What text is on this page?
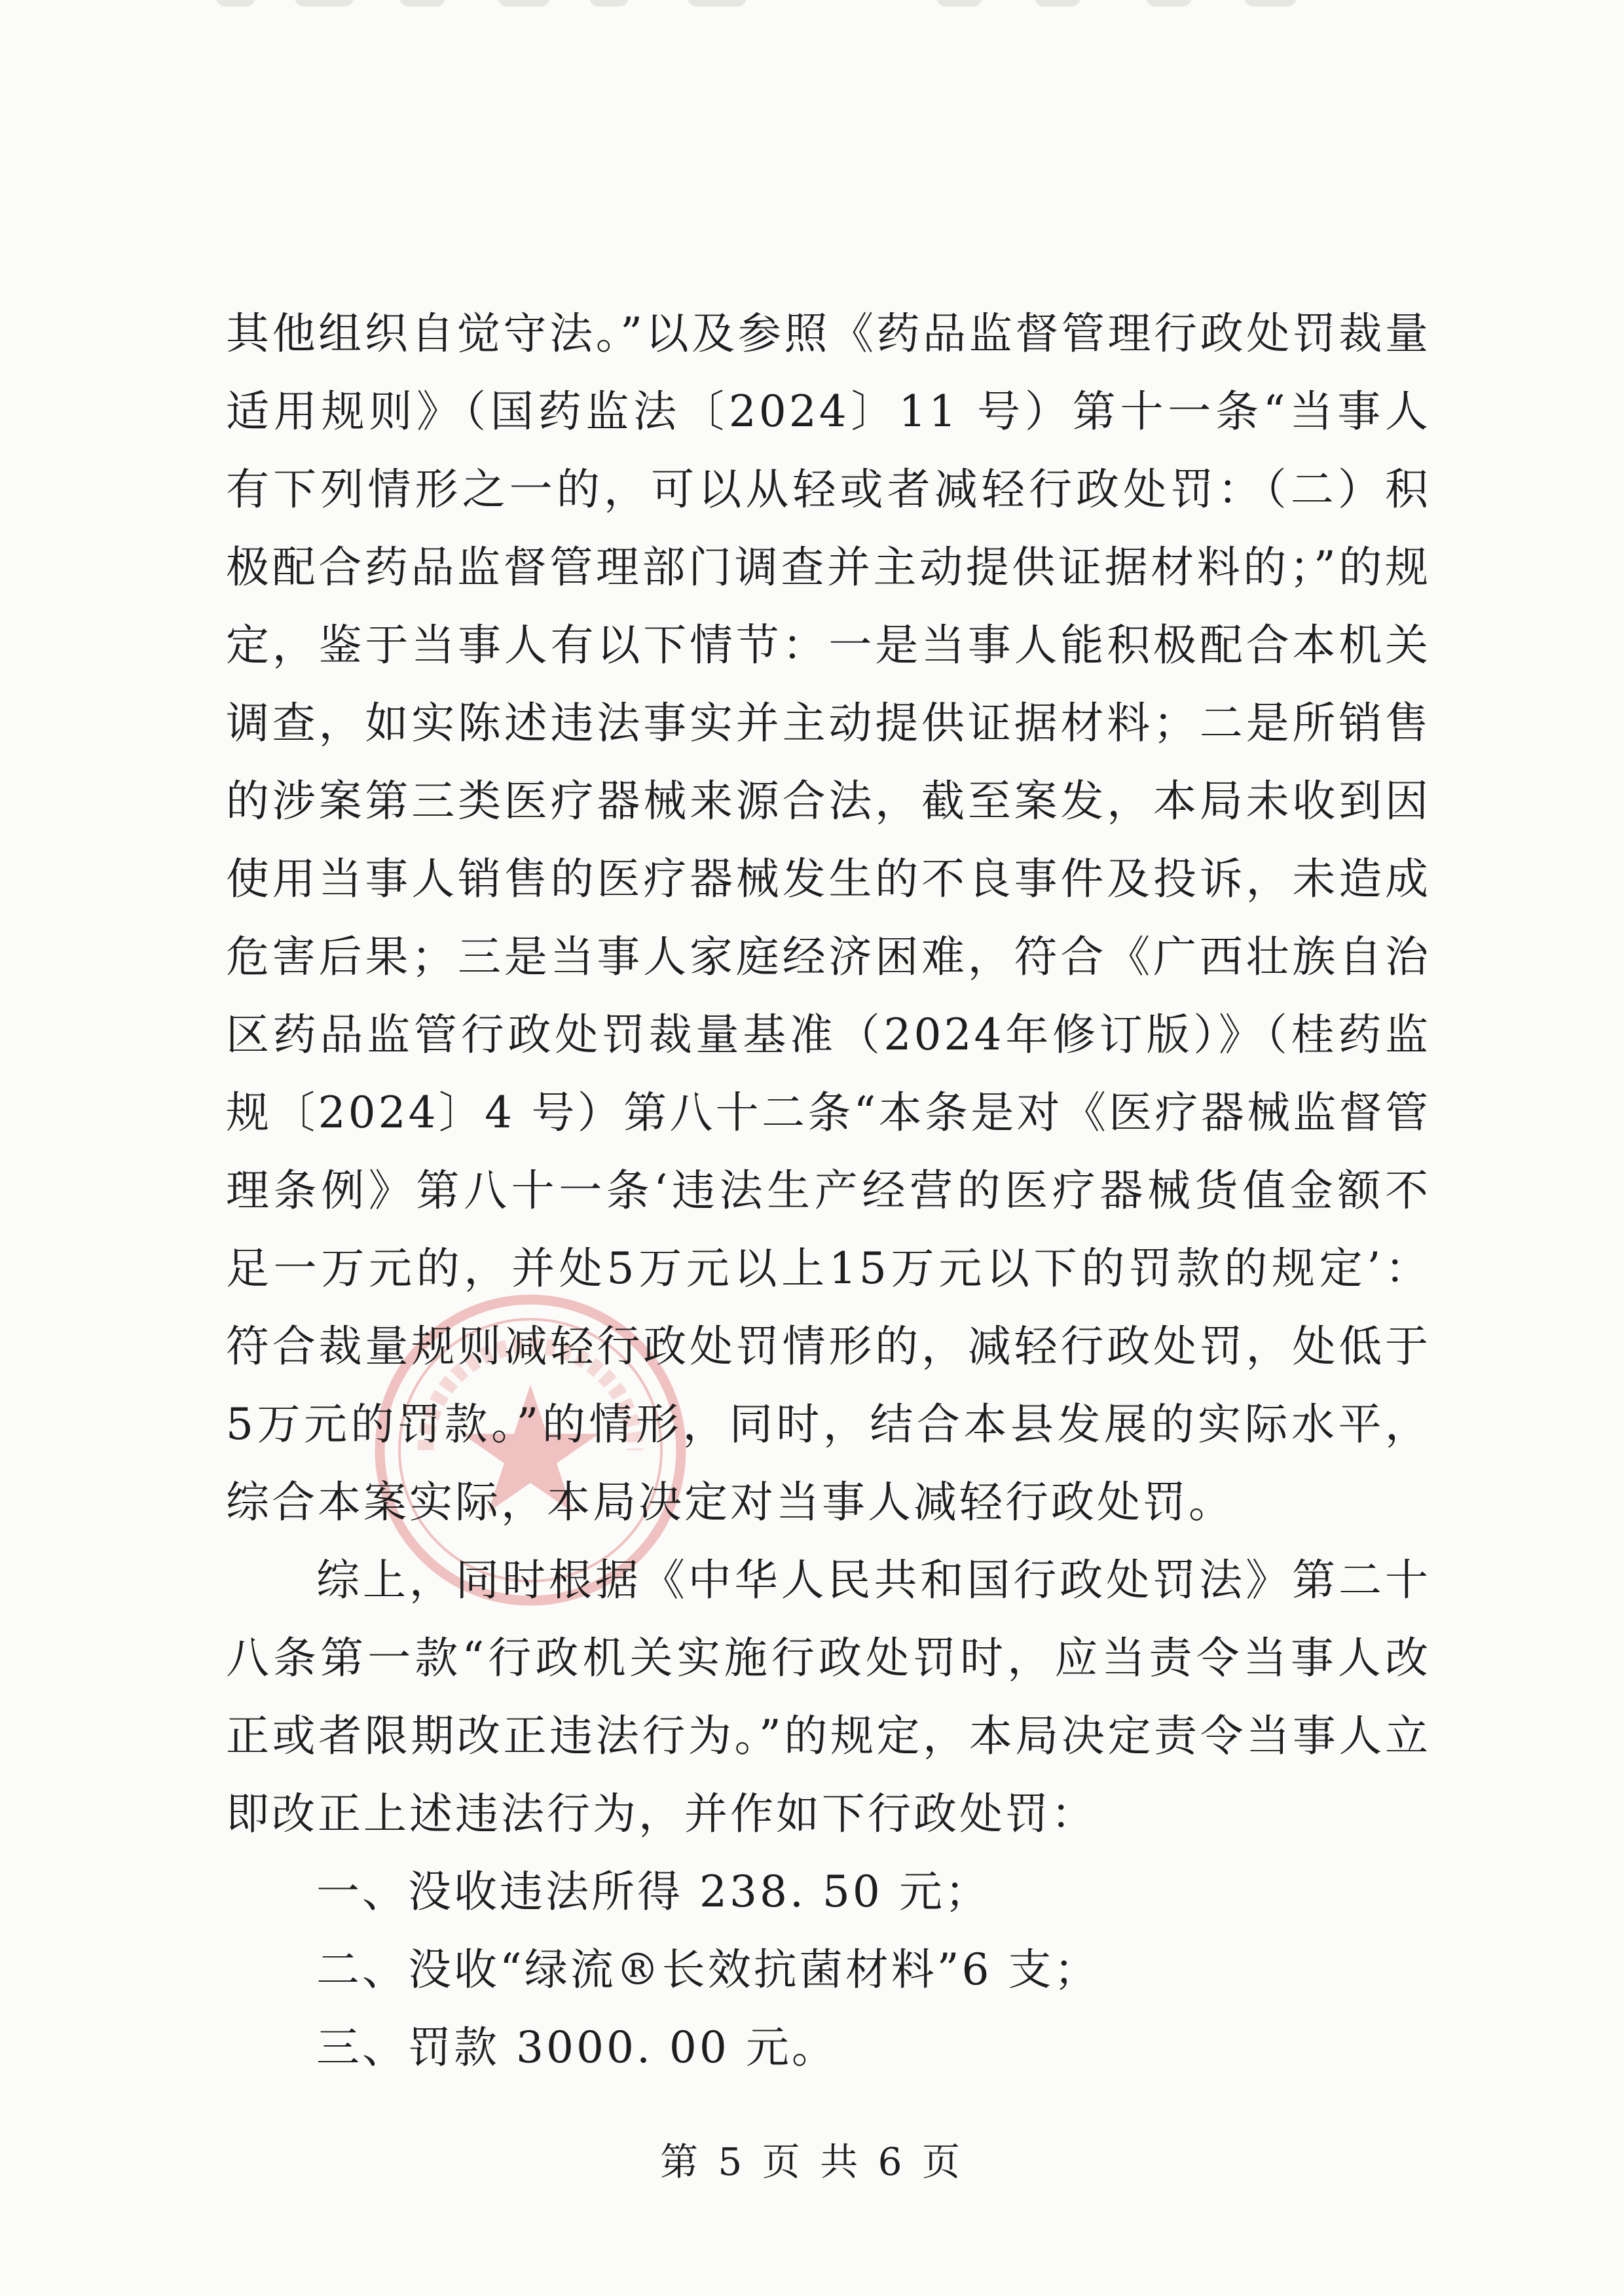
其他组织自觉守法。”以及参照《药品监督管理行政处罚裁量适用规则》（国药监法〔2024〕11 号）第十一条“当事人有下列情形之一的，可以从轻或者减轻行政处罚：（二）积极配合药品监督管理部门调查并主动提供证据材料的；”的规定，鉴于当事人有以下情节：一是当事人能积极配合本机关调查，如实陈述违法事实并主动提供证据材料；二是所销售的涉案第三类医疗器械来源合法，截至案发，本局未收到因使用当事人销售的医疗器械发生的不良事件及投诉，未造成危害后果；三是当事人家庭经济困难，符合《广西壮族自治区药品监管行政处罚裁量基准（2024年修订版）》（桂药监规〔2024〕4 号）第八十二条“本条是对《医疗器械监督管理条例》第八十一条‘违法生产经营的医疗器械货值金额不足一万元的，并处5万元以上15万元以下的罚款的规定’：符合裁量规则减轻行政处罚情形的，减轻行政处罚，处低于5万元的罚款。”的情形，同时，结合本县发展的实际水平，综合本案实际，本局决定对当事人减轻行政处罚。

综上，同时根据《中华人民共和国行政处罚法》第二十八条第一款“行政机关实施行政处罚时，应当责令当事人改正或者限期改正违法行为。”的规定，本局决定责令当事人立即改正上述违法行为，并作如下行政处罚：

一、没收违法所得 238. 50 元；

二、没收“绿流®长效抗菌材料”6 支；

三、罚款 3000. 00 元。

第 5 页 共 6 页
